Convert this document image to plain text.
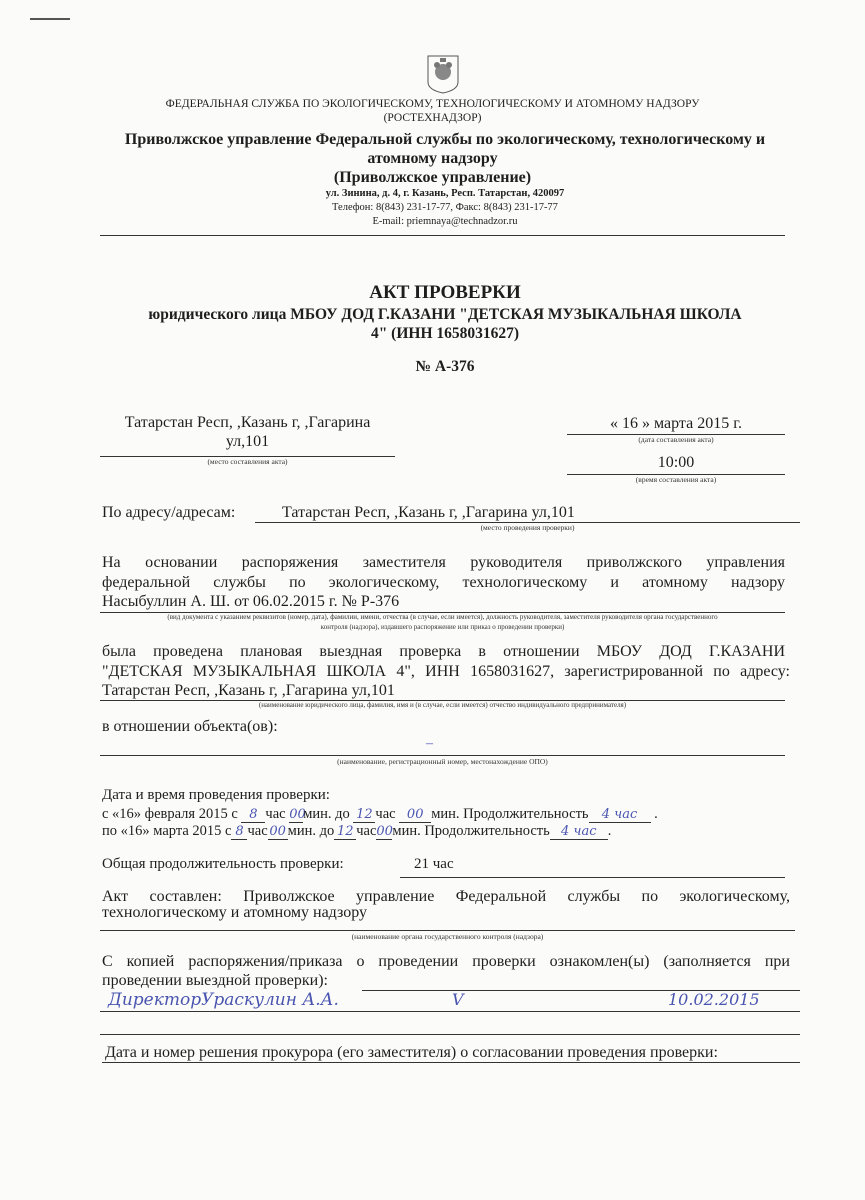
ФЕДЕРАЛЬНАЯ СЛУЖБА ПО ЭКОЛОГИЧЕСКОМУ, ТЕХНОЛОГИЧЕСКОМУ И АТОМНОМУ НАДЗОРУ
(РОСТЕХНАДЗОР)
Приволжское управление Федеральной службы по экологическому, технологическому и
атомному надзору
(Приволжское управление)
ул. Зинина, д. 4, г. Казань, Респ. Татарстан, 420097
Телефон: 8(843) 231-17-77, Факс: 8(843) 231-17-77
E-mail: priemnaya@technadzor.ru
АКТ ПРОВЕРКИ
юридического лица МБОУ ДОД Г.КАЗАНИ "ДЕТСКАЯ МУЗЫКАЛЬНАЯ ШКОЛА
4" (ИНН 1658031627)
№ А-376
Татарстан Респ, ,Казань г, ,Гагарина
ул,101
(место составления акта)
« 16 » марта 2015 г.
(дата составления акта)
10:00
(время составления акта)
По адресу/адресам:	Татарстан Респ, ,Казань г, ,Гагарина ул,101
(место проведения проверки)
На основании распоряжения заместителя руководителя приволжского управления
федеральной службы по экологическому, технологическому и атомному надзору
Насыбуллин А. Ш. от 06.02.2015 г. № Р-376
(вид документа с указанием реквизитов (номер, дата), фамилии, имени, отчества (в случае, если имеется), должность руководителя, заместителя руководителя органа государственного
контроля (надзора), издавшего распоряжение или приказ о проведении проверки)
была проведена плановая выездная проверка в отношении МБОУ ДОД Г.КАЗАНИ
"ДЕТСКАЯ МУЗЫКАЛЬНАЯ ШКОЛА 4", ИНН 1658031627, зарегистрированной по адресу:
Татарстан Респ, ,Казань г, ,Гагарина ул,101
(наименование юридического лица, фамилия, имя и (в случае, если имеется) отчество индивидуального предпринимателя)
в отношении объекта(ов):
–
(наименование, регистрационный номер, местонахождение ОПО)
Дата и время проведения проверки:
с «16» февраля 2015 с 8 час 00мин. до 12 час 00 мин. Продолжительность 4 час .
по «16» марта 2015 с 8 час 00 мин. до 12 час00мин. Продолжительность 4 час .
Общая продолжительность проверки:	21 час
Акт составлен: Приволжское управление Федеральной службы по экологическому,
технологическому и атомному надзору
(наименование органа государственного контроля (надзора)
С копией распоряжения/приказа о проведении проверки ознакомлен(ы) (заполняется при
проведении выездной проверки):
ДиректорУраскулин А.А.	V	10.02.2015
Дата и номер решения прокурора (его заместителя) о согласовании проведения проверки:
